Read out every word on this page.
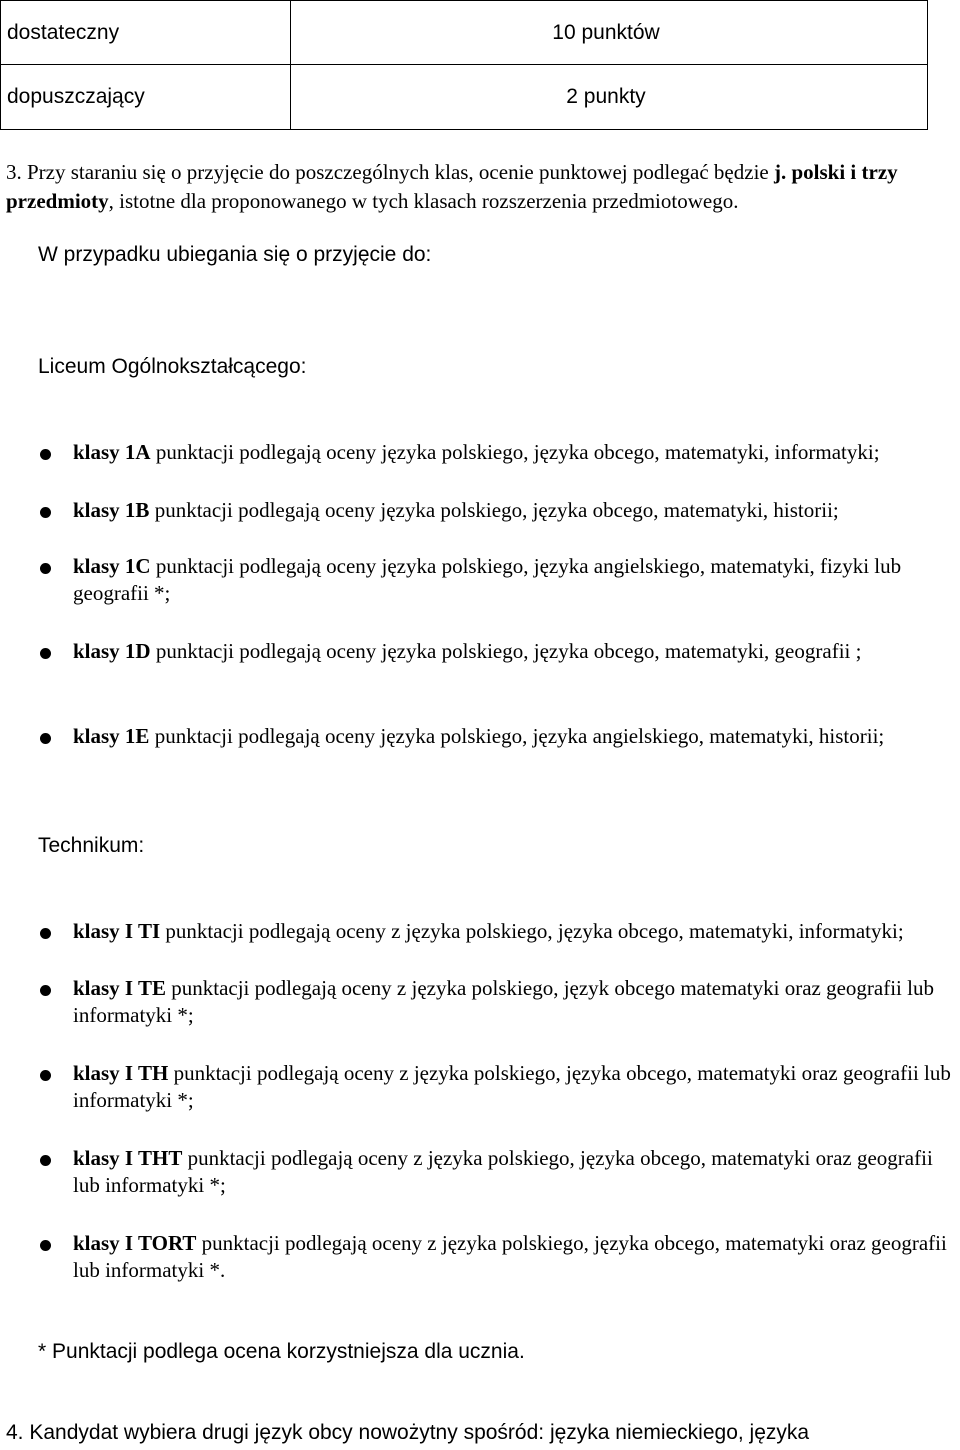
dostateczny	10 punktów
dopuszczający	2 punkty

3. Przy staraniu się o przyjęcie do poszczególnych klas, ocenie punktowej podlegać będzie j. polski i trzy przedmioty, istotne dla proponowanego w tych klasach rozszerzenia przedmiotowego.

W przypadku ubiegania się o przyjęcie do:
Liceum Ogólnokształcącego:
klasy 1A punktacji podlegają oceny języka polskiego, języka obcego, matematyki, informatyki;
klasy 1B punktacji podlegają oceny języka polskiego, języka obcego, matematyki, historii;
klasy 1C punktacji podlegają oceny języka polskiego, języka angielskiego, matematyki, fizyki lub geografii *;
klasy 1D punktacji podlegają oceny języka polskiego, języka obcego, matematyki, geografii ;
klasy 1E punktacji podlegają oceny języka polskiego, języka angielskiego, matematyki, historii;
Technikum:
klasy I TI punktacji podlegają oceny z języka polskiego, języka obcego, matematyki, informatyki;
klasy I TE punktacji podlegają oceny z języka polskiego, język obcego matematyki oraz geografii lub informatyki *;
klasy I TH punktacji podlegają oceny z języka polskiego, języka obcego, matematyki oraz geografii lub informatyki *;
klasy I THT punktacji podlegają oceny z języka polskiego, języka obcego, matematyki oraz geografii lub informatyki *;
klasy I TORT punktacji podlegają oceny z języka polskiego, języka obcego, matematyki oraz geografii lub informatyki *.
* Punktacji podlega ocena korzystniejsza dla ucznia.
4. Kandydat wybiera drugi język obcy nowożytny spośród: języka niemieckiego, języka
